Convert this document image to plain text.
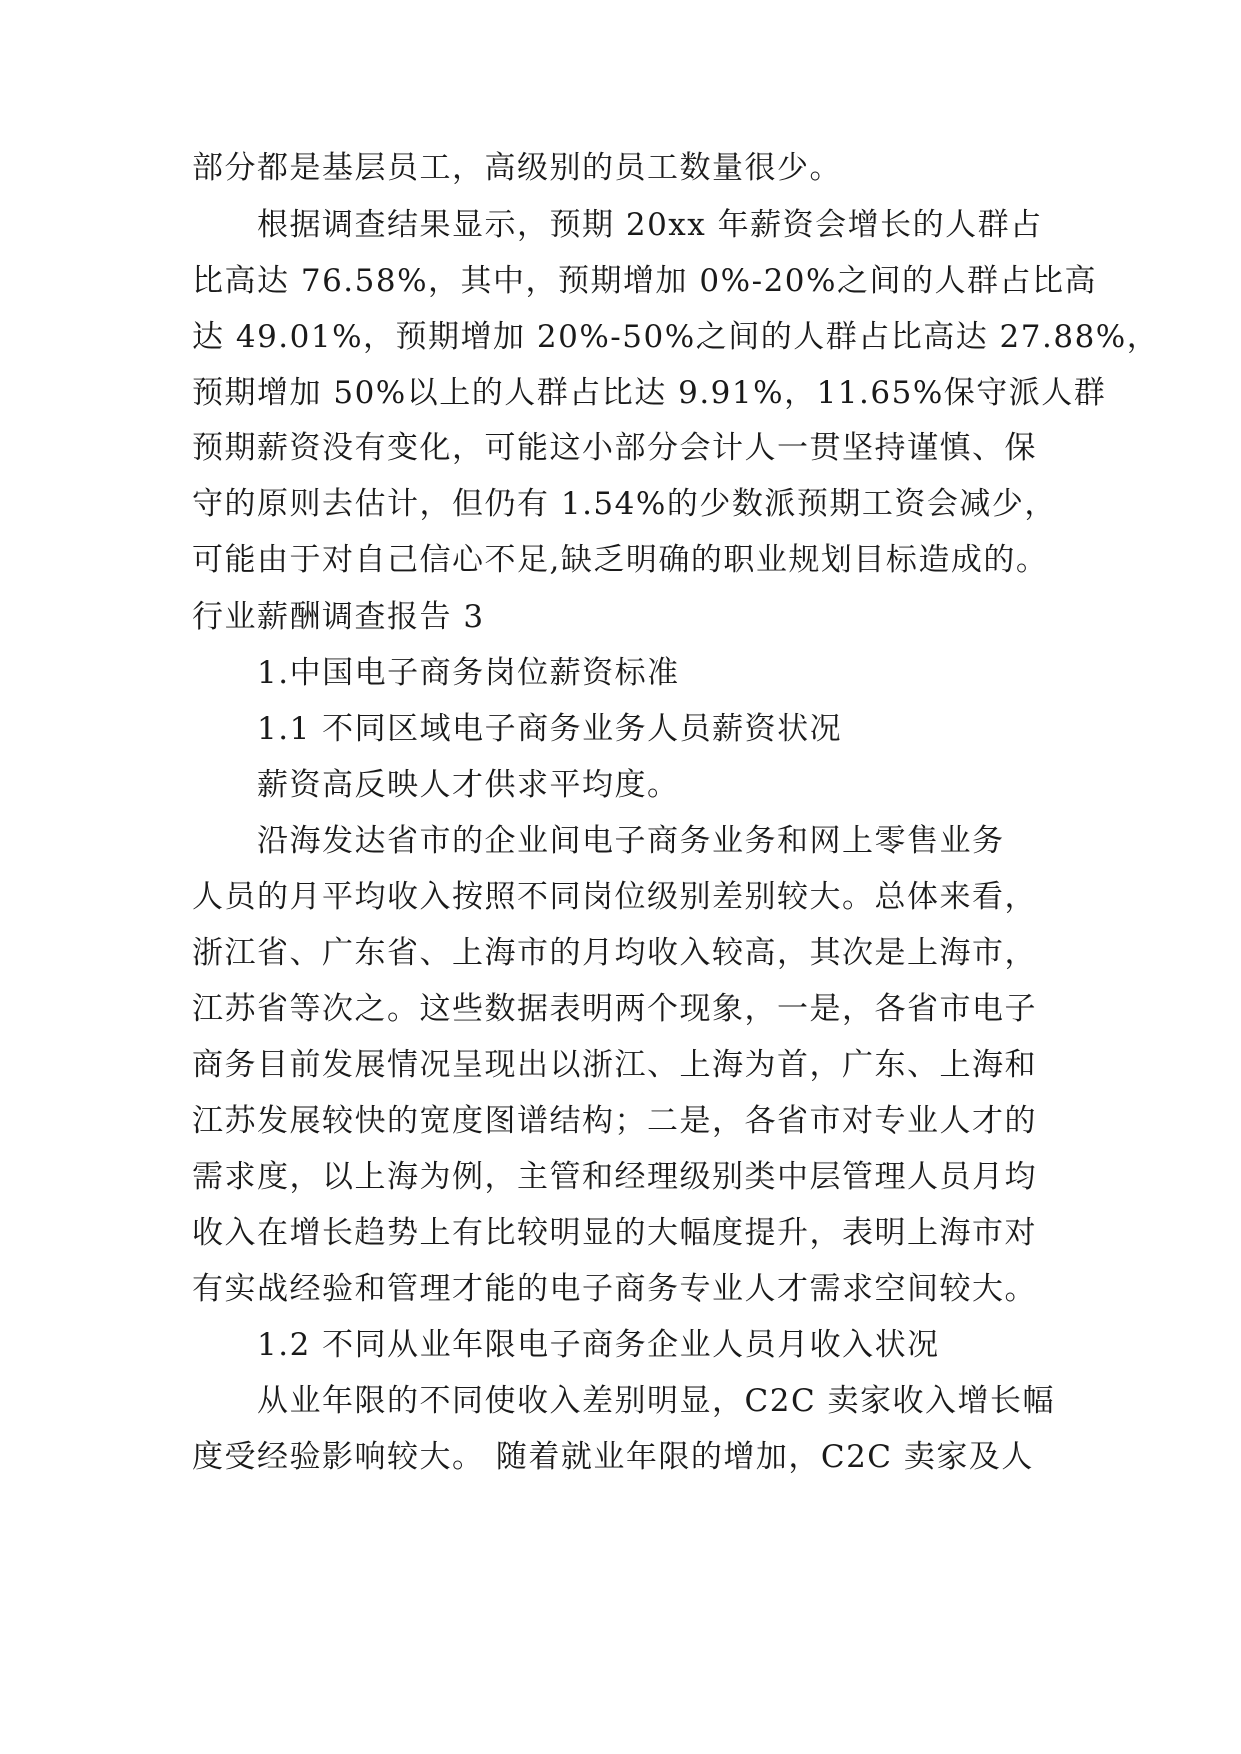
部分都是基层员工，高级别的员工数量很少。
根据调查结果显示，预期 20xx 年薪资会增长的人群占
比高达 76.58%，其中，预期增加 0%-20%之间的人群占比高
达 49.01%，预期增加 20%-50%之间的人群占比高达 27.88%，
预期增加 50%以上的人群占比达 9.91%，11.65%保守派人群
预期薪资没有变化，可能这小部分会计人一贯坚持谨慎、保
守的原则去估计，但仍有 1.54%的少数派预期工资会减少，
可能由于对自己信心不足,缺乏明确的职业规划目标造成的。
行业薪酬调查报告 3
1.中国电子商务岗位薪资标准
1.1 不同区域电子商务业务人员薪资状况
薪资高反映人才供求平均度。
沿海发达省市的企业间电子商务业务和网上零售业务
人员的月平均收入按照不同岗位级别差别较大。总体来看，
浙江省、广东省、上海市的月均收入较高，其次是上海市，
江苏省等次之。这些数据表明两个现象，一是，各省市电子
商务目前发展情况呈现出以浙江、上海为首，广东、上海和
江苏发展较快的宽度图谱结构；二是，各省市对专业人才的
需求度，以上海为例，主管和经理级别类中层管理人员月均
收入在增长趋势上有比较明显的大幅度提升，表明上海市对
有实战经验和管理才能的电子商务专业人才需求空间较大。
1.2 不同从业年限电子商务企业人员月收入状况
从业年限的不同使收入差别明显，C2C 卖家收入增长幅
度受经验影响较大。 随着就业年限的增加，C2C 卖家及人
